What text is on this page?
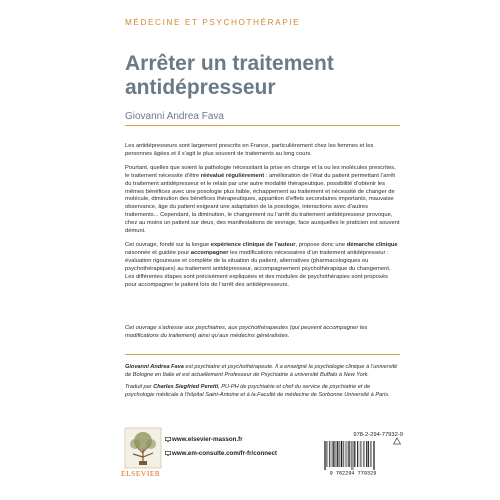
MÉDECINE ET PSYCHOTHÉRAPIE
Arrêter un traitement antidépresseur
Giovanni Andrea Fava

Les antidépresseurs sont largement prescrits en France, particulièrement chez les femmes et les personnes âgées et il s’agit le plus souvent de traitements au long cours.

Pourtant, quelles que soient la pathologie nécessitant la prise en charge et la ou les molécules prescrites, le traitement nécessite d’être réévalué régulièrement : amélioration de l’état du patient permettant l’arrêt du traitement antidépresseur et le relais par une autre modalité thérapeutique, possibilité d’obtenir les mêmes bénéfices avec une posologie plus faible, échappement au traitement et nécessité de changer de molécule, diminution des bénéfices thérapeutiques, apparition d’effets secondaires importants, mauvaise observance, âge du patient exigeant une adaptation de la posologie, interactions avec d’autres traitements... Cependant, la diminution, le changement ou l’arrêt du traitement antidépresseur provoque, chez au moins un patient sur deux, des manifestations de sevrage, face auxquelles le praticien est souvent démuni.

Cet ouvrage, fondé sur la longue expérience clinique de l’auteur, propose donc une démarche clinique raisonnée et guidée pour accompagner les modifications nécessaires d’un traitement antidépresseur : évaluation rigoureuse et complète de la situation du patient, alternatives (pharmacologiques ou psychothérapiques) au traitement antidépresseur, accompagnement psychothérapique du changement. Les différentes étapes sont précisément expliquées et des modules de psychothérapies sont proposés pour accompagner le patient lors de l’arrêt des antidépresseurs.

Cet ouvrage s’adresse aux psychiatres, aux psychothérapeutes (qui peuvent accompagner les modifications du traitement) ainsi qu’aux médecins généralistes.

Giovanni Andrea Fava est psychiatre et psychothérapeute. Il a enseigné la psychologie clinique à l’université de Bologne en Italie et est actuellement Professeur de Psychiatrie à université Buffalo à New York.

Traduit par Charles Siegfried Peretti, PU-PH de psychiatrie et chef du service de psychiatrie et de psychologie médicale à l’hôpital Saint-Antoine et à la Faculté de médecine de Sorbonne Université à Paris.

ELSEVIER
www.elsevier-masson.fr
www.em-consulte.com/fr-fr/connect
978-2-294-77932-9
9 782294 779329
